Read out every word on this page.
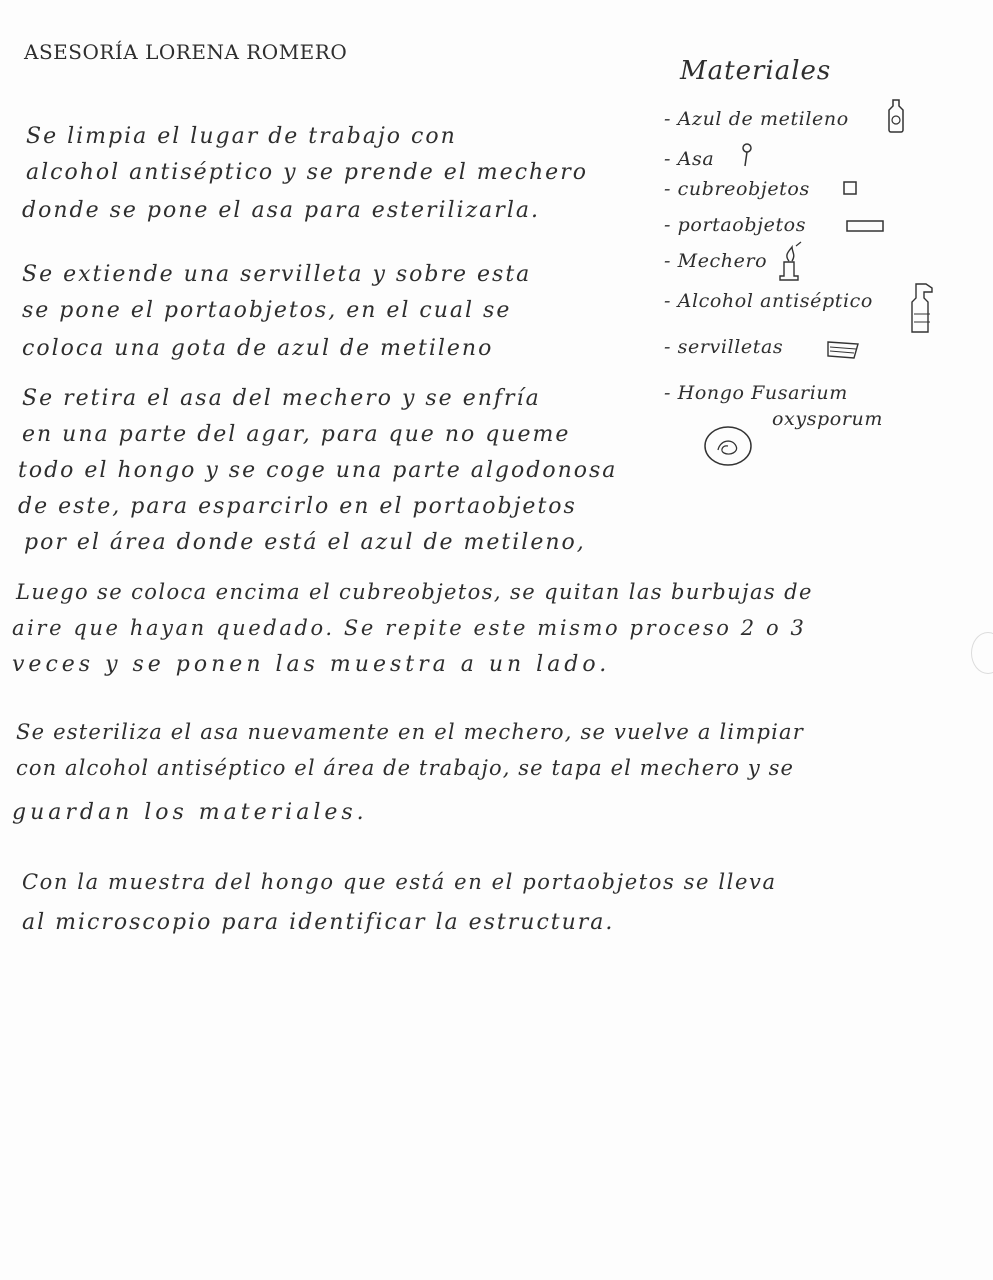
ASESORÍA LORENA ROMERO
Materiales
- Azul de metileno
- Asa
- cubreobjetos
- portaobjetos
- Mechero
- Alcohol antiséptico
- servilletas
- Hongo Fusarium
oxysporum
Se limpia el lugar de trabajo con
alcohol antiséptico y se prende el mechero
donde se pone el asa para esterilizarla.
Se extiende una servilleta y sobre esta
se pone el portaobjetos, en el cual se
coloca una gota de azul de metileno
Se retira el asa del mechero y se enfría
en una parte del agar, para que no queme
todo el hongo y se coge una parte algodonosa
de este, para esparcirlo en el portaobjetos
por el área donde está el azul de metileno,
Luego se coloca encima el cubreobjetos, se quitan las burbujas de
aire que hayan quedado. Se repite este mismo proceso 2 o 3
veces y se ponen las muestra a un lado.
Se esteriliza el asa nuevamente en el mechero, se vuelve a limpiar
con alcohol antiséptico el área de trabajo, se tapa el mechero y se
guardan los materiales.
Con la muestra del hongo que está en el portaobjetos se lleva
al microscopio para identificar la estructura.
